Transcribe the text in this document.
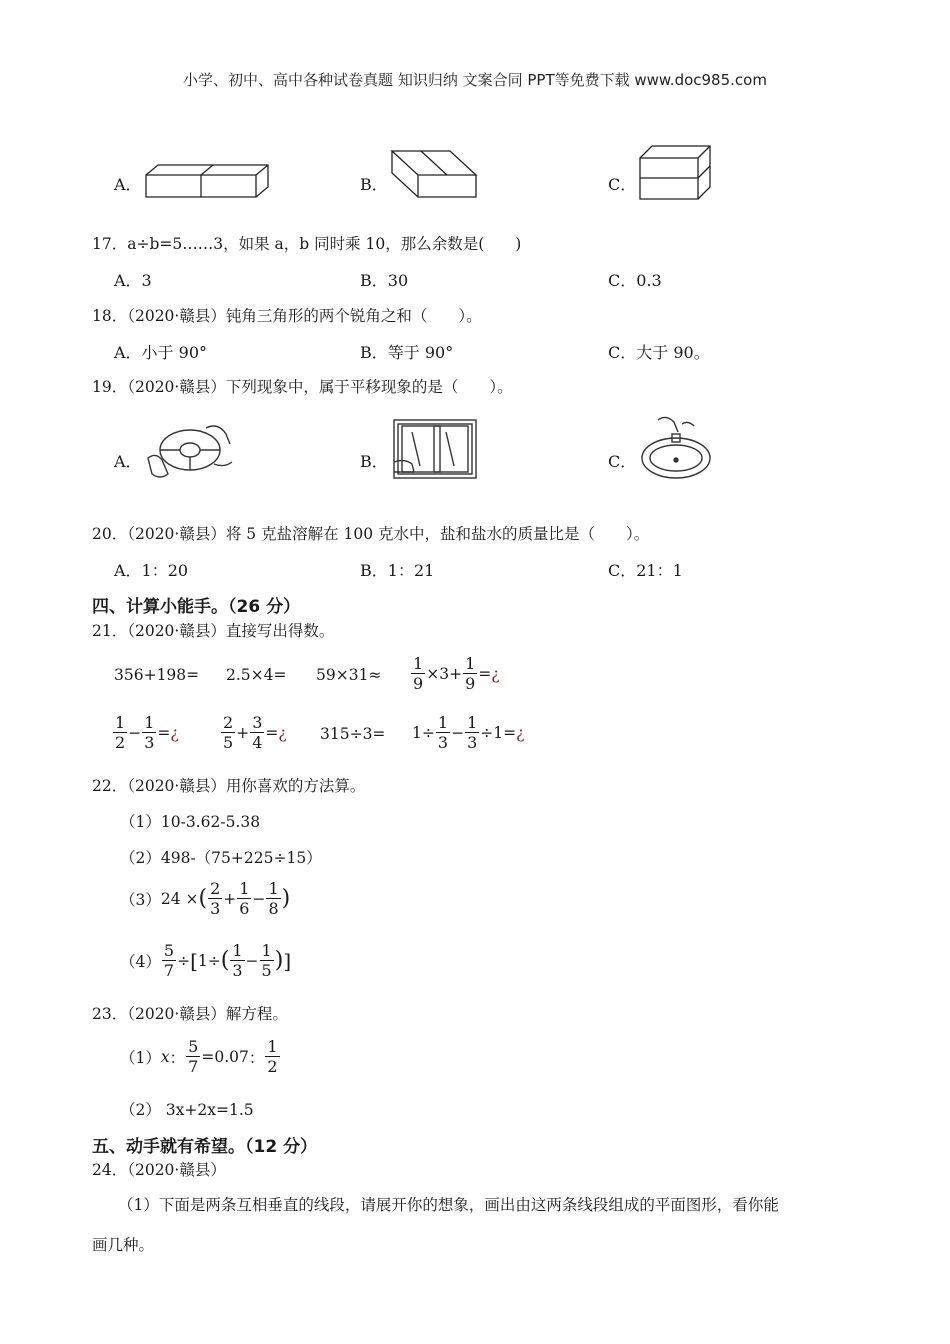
小学、初中、高中各种试卷真题 知识归纳 文案合同 PPT等免费下载 www.doc985.com
A．	B．	C．
17．a÷b=5……3，如果 a，b 同时乘 10，那么余数是(　　)
A．3	B．30	C．0.3
18．（2020·赣县）钝角三角形的两个锐角之和（　　）。
A．小于 90°	B．等于 90°	C．大于 90。
19．（2020·赣县）下列现象中，属于平移现象的是（　　）。
A．	B．	C．
20．（2020·赣县）将 5 克盐溶解在 100 克水中，盐和盐水的质量比是（　　）。
A．1：20	B．1：21	C．21：1
四、计算小能手。（26 分）
21．（2020·赣县）直接写出得数。
$356+198= 2.5\times 4= 59\times 31\approx \frac{1}{9} \times 3 + \frac{1}{9}$ = ¿
$\frac{1}{2} - \frac{1}{3}$ = ¿	$\frac{2}{5} + \frac{3}{4}$ = ¿ $315\div 3= 1 \div \frac{1}{3} - \frac{1}{3} \div 1$ = ¿
22．（2020·赣县）用你喜欢的方法算。
（1）10-3.62-5.38
（2）498-（75+225÷15）
（3） 24 × ( $\frac{2}{3} + \frac{1}{6} - \frac{1}{8}$ )
$(4) \frac{5}{7}$ ÷ [ 1 ÷ ( $\frac{1}{3} - \frac{1}{5}$ ) ]
23．（2020·赣县）解方程。
（1） x ： $\frac{5}{7} = 0.07$ ： $\frac{1}{2}$
（2） 3x+2x=1.5
五、动手就有希望。（12 分）
24．（2020·赣县）
（1）下面是两条互相垂直的线段，请展开你的想象，画出由这两条线段组成的平面图形，看你能
画几种。
